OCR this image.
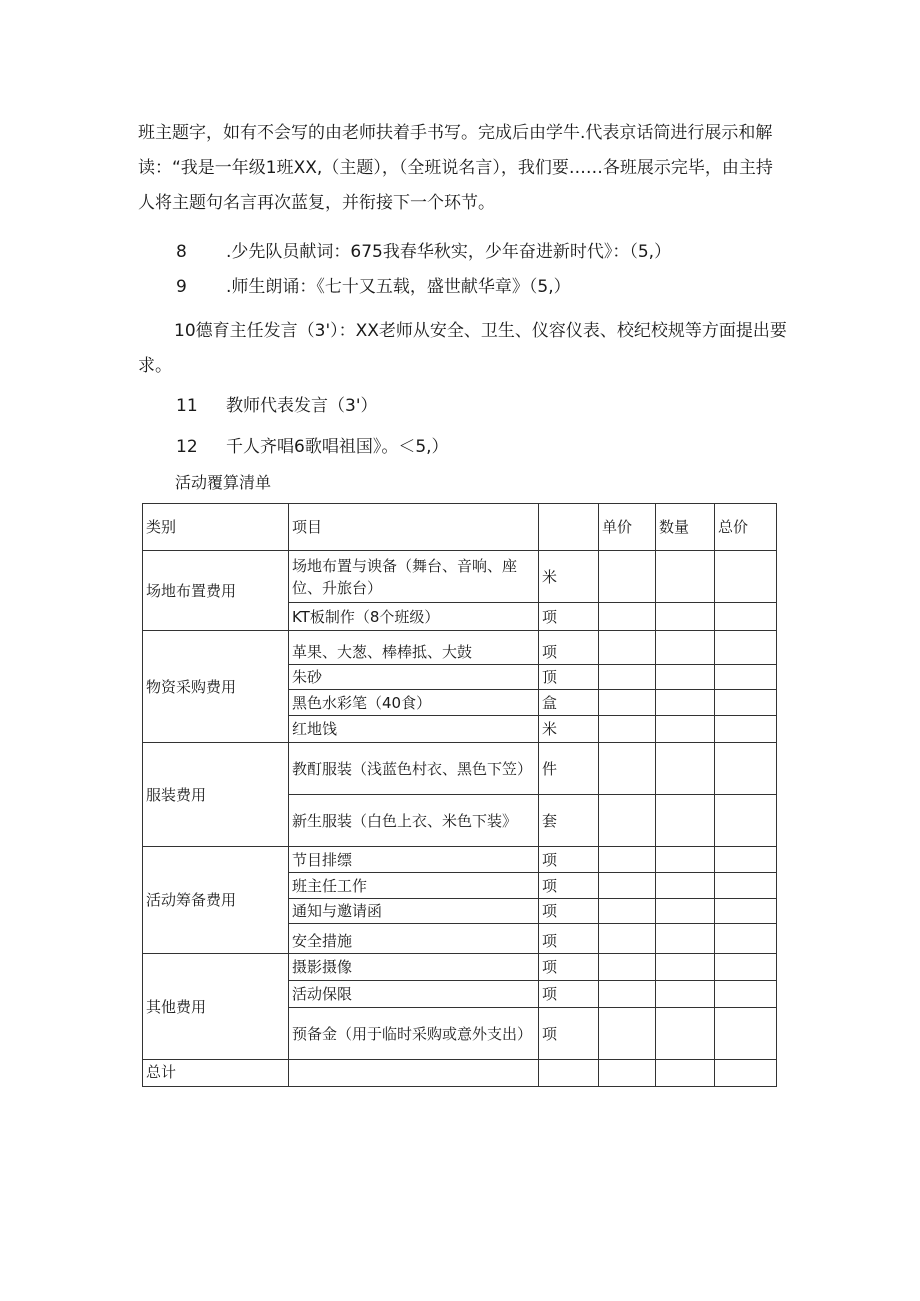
班主题字，如有不会写的由老师扶着手书写。完成后由学牛.代表京话筒进行展示和解读：“我是一年级1班XX,（主题），（全班说名言），我们要……各班展示完毕，由主持人将主题句名言再次蓝复，并衔接下一个环节。

8 .少先队员献词：675我春华秋实，少年奋进新时代》：（5,）
9 .师生朗诵：《七十又五载，盛世献华章》（5,）

10德育主任发言（3'）：XX老师从安全、卫生、仪容仪表、校纪校规等方面提出要求。

11 教师代表发言（3'）
12 千人齐唱6歌唱祖国》。＜5,）
活动覆算清单
类别	项目		单价	数量	总价
场地布置费用	场地布置与谀备（舞台、音响、座位、升旅台）	米			
	KT板制作（8个班级）	项			
物资采购费用	革果、大葱、棒棒抵、大鼓	项			
	朱砂	顶			
	黑色水彩笔（40食）	盒			
	红地饯	米			
服装费用	教酊服装（浅蓝色村衣、黑色下笠）	件			
	新生服装（白色上衣、米色下装》	套			
活动筹备费用	节目排缥	项			
	班主任工作	项			
	通知与邀请函	项			
	安全措施	项			
其他费用	摄影摄像	项			
	活动保限	项			
	预备金（用于临时采购或意外支出）	项			
总计					
